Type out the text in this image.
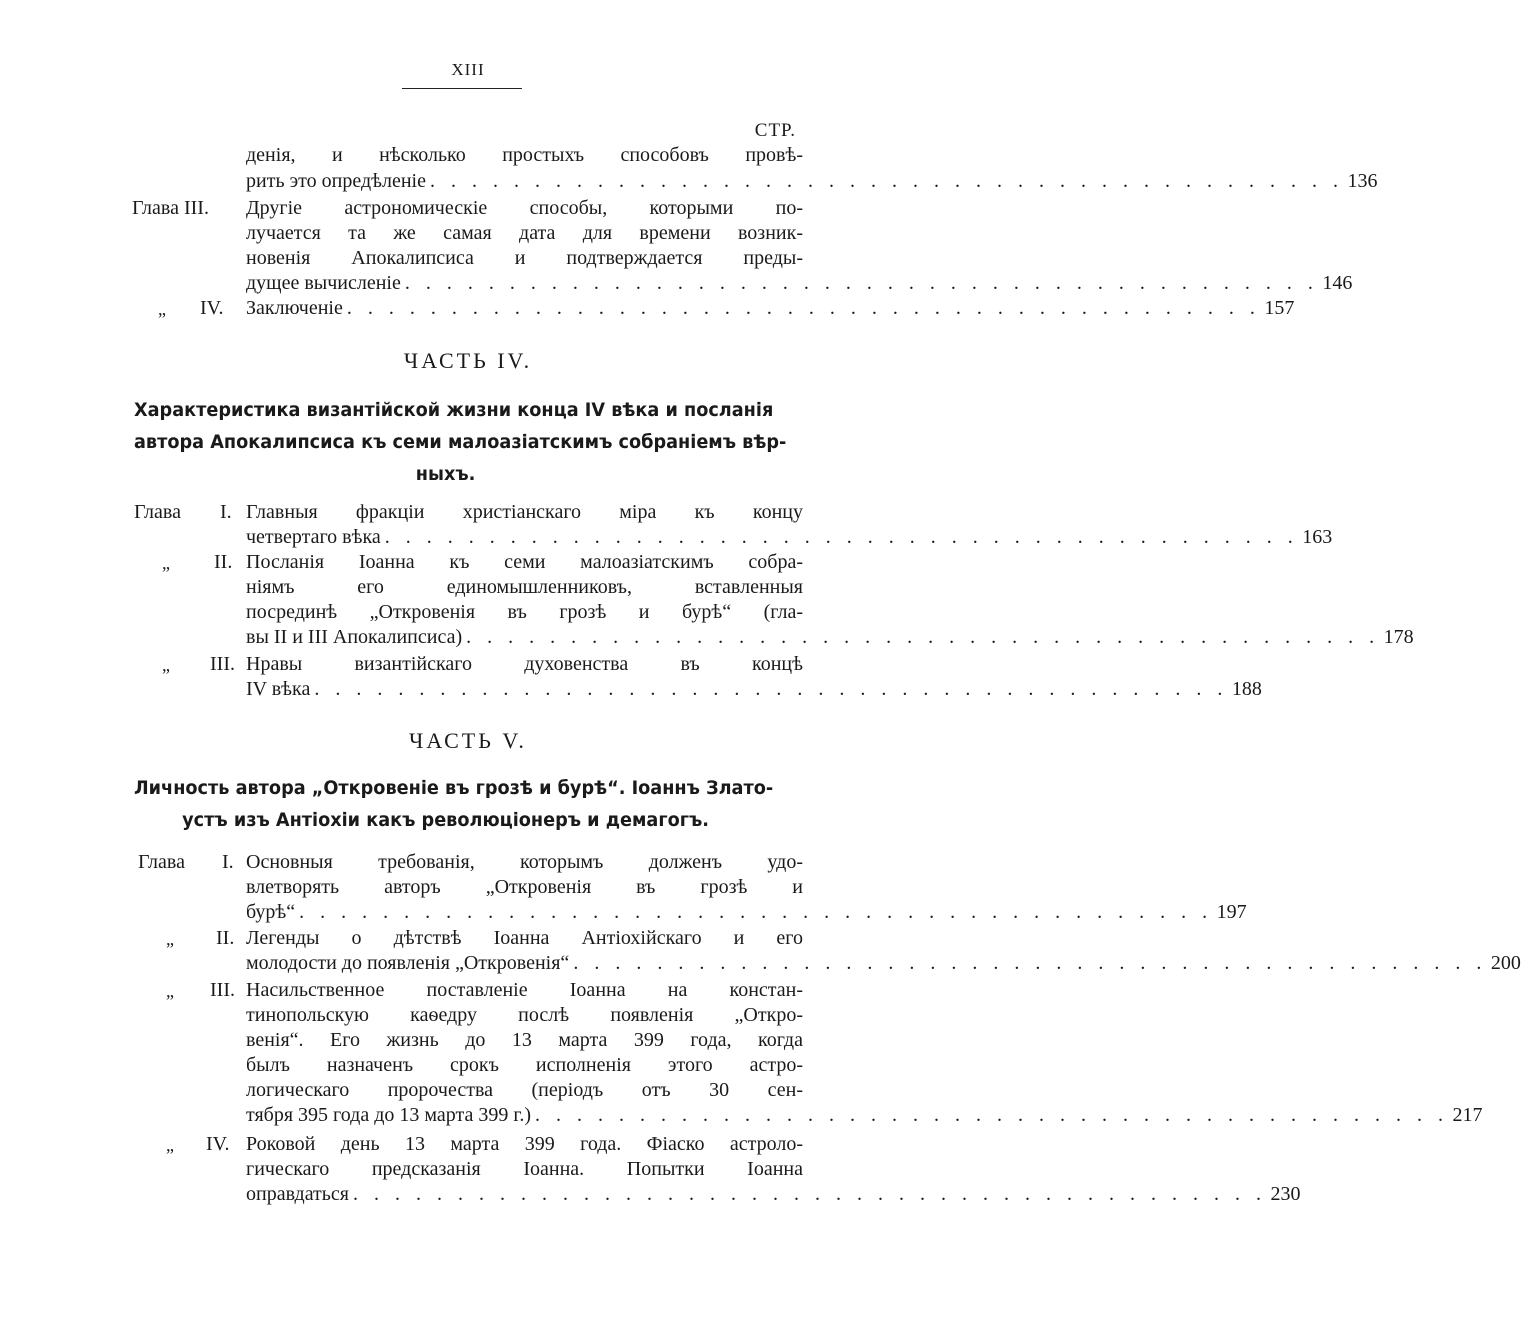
XIII
СТР.
денія, и нѣсколько простыхъ способовъ провѣ-
рить это опредѣленіе . . . . . . . . . . . . . . . . . . . . . . . . . . . . . . . . . . . . . . . . . . . . 136
Глава III. Другіе астрономическіе способы, которыми по-
лучается та же самая дата для времени возник-
новенія Апокалипсиса и подтверждается преды-
дущее вычисленіе . . . . . . . . . . . . . . . . . . . . . . . . . . . . . . . . . . . . . . . . . . . . 146
„ IV. Заключеніе . . . . . . . . . . . . . . . . . . . . . . . . . . . . . . . . . . . . . . . . . . . . 157
ЧАСТЬ IV.
Характеристика византійской жизни конца IV вѣка и посланія
автора Апокалипсиса къ семи малоазіатскимъ собраніемъ вѣр-
ныхъ.
Глава I. Главныя фракціи христіанскаго міра къ концу
четвертаго вѣка . . . . . . . . . . . . . . . . . . . . . . . . . . . . . . . . . . . . . . . . . . . . 163
„ II. Посланія Іоанна къ семи малоазіатскимъ собра-
ніямъ его единомышленниковъ, вставленныя
посрединѣ „Откровенія въ грозѣ и бурѣ“ (гла-
вы II и III Апокалипсиса) . . . . . . . . . . . . . . . . . . . . . . . . . . . . . . . . . . . . . . . . . . . . 178
„ III. Нравы византійскаго духовенства въ концѣ
IV вѣка . . . . . . . . . . . . . . . . . . . . . . . . . . . . . . . . . . . . . . . . . . . . 188
ЧАСТЬ V.
Личность автора „Откровеніе въ грозѣ и бурѣ“. Іоаннъ Злато-
устъ изъ Антіохіи какъ революціонеръ и демагогъ.
Глава I. Основныя требованія, которымъ долженъ удо-
влетворять авторъ „Откровенія въ грозѣ и
бурѣ“ . . . . . . . . . . . . . . . . . . . . . . . . . . . . . . . . . . . . . . . . . . . . 197
„ II. Легенды о дѣтствѣ Іоанна Антіохійскаго и его
молодости до появленія „Откровенія“ . . . . . . . . . . . . . . . . . . . . . . . . . . . . . . . . . . . . . . . . . . . . 200
„ III. Насильственное поставленіе Іоанна на констан-
тинопольскую каѳедру послѣ появленія „Откро-
венія“. Его жизнь до 13 марта 399 года, когда
былъ назначенъ срокъ исполненія этого астро-
логическаго пророчества (періодъ отъ 30 сен-
тября 395 года до 13 марта 399 г.) . . . . . . . . . . . . . . . . . . . . . . . . . . . . . . . . . . . . . . . . . . . . 217
„ IV. Роковой день 13 марта 399 года. Фіаско астроло-
гическаго предсказанія Іоанна. Попытки Іоанна
оправдаться . . . . . . . . . . . . . . . . . . . . . . . . . . . . . . . . . . . . . . . . . . . . 230
